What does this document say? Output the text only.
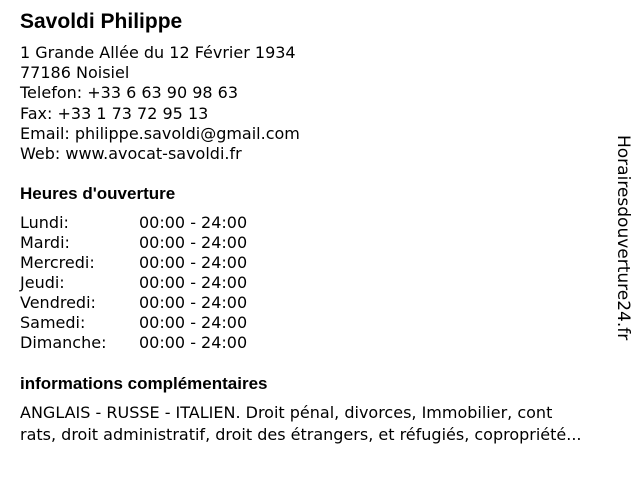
Savoldi Philippe
1 Grande Allée du 12 Février 1934
77186 Noisiel
Telefon: +33 6 63 90 98 63
Fax: +33 1 73 72 95 13
Email: philippe.savoldi@gmail.com
Web: www.avocat-savoldi.fr
Heures d'ouverture
Lundi:	00:00 - 24:00
Mardi:	00:00 - 24:00
Mercredi:	00:00 - 24:00
Jeudi:	00:00 - 24:00
Vendredi:	00:00 - 24:00
Samedi:	00:00 - 24:00
Dimanche: 00:00 - 24:00
informations complémentaires
ANGLAIS - RUSSE - ITALIEN. Droit pénal, divorces, Immobilier, cont
rats, droit administratif, droit des étrangers, et réfugiés, copropriété...
Horairesdouverture24.fr
